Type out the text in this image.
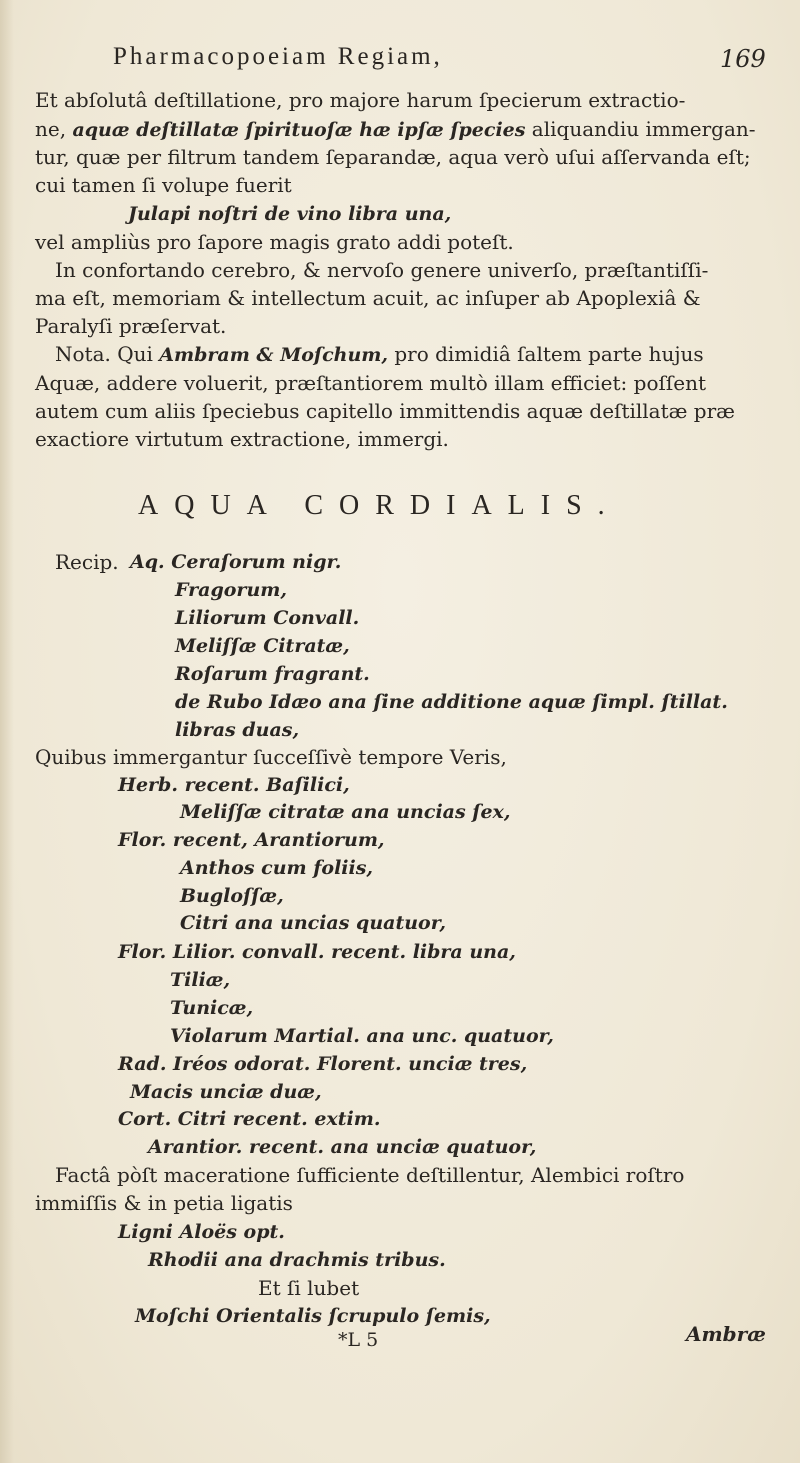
Pharmacopoeiam Regiam,	169
Et abſolutâ deſtillatione, pro majore harum ſpecierum extractio-
ne, aquæ deſtillatæ ſpirituoſæ hæ ipſæ ſpecies aliquandiu immergan-
tur, quæ per filtrum tandem ſeparandæ, aqua verò uſui aſſervanda eſt;
cui tamen ſi volupe fuerit
Julapi noſtri de vino libra una,
vel ampliùs pro ſapore magis grato addi poteſt.
In confortando cerebro, & nervoſo genere univerſo, præſtantiſſi-
ma eſt, memoriam & intellectum acuit, ac inſuper ab Apoplexiâ &
Paralyſi præſervat.
Nota. Qui Ambram & Moſchum, pro dimidiâ ſaltem parte hujus
Aquæ, addere voluerit, præſtantiorem multò illam efficiet: poſſent
autem cum aliis ſpeciebus capitello immittendis aquæ deſtillatæ præ
exactiore virtutum extractione, immergi.
AQUA CORDIALIS.
Recip. Aq. Ceraſorum nigr.
Fragorum,
Liliorum Convall.
Meliſſæ Citratæ,
Roſarum fragrant.
de Rubo Idæo ana ſine additione aquæ ſimpl. ſtillat.
libras duas,
Quibus immergantur ſucceſſivè tempore Veris,
Herb. recent. Baſilici,
Meliſſæ citratæ ana uncias ſex,
Flor. recent, Arantiorum,
Anthos cum foliis,
Bugloſſæ,
Citri ana uncias quatuor,
Flor. Lilior. convall. recent. libra una,
Tiliæ,
Tunicæ,
Violarum Martial. ana unc. quatuor,
Rad. Iréos odorat. Florent. unciæ tres,
Macis unciæ duæ,
Cort. Citri recent. extim.
Arantior. recent. ana unciæ quatuor,
Factâ pòſt maceratione ſufficiente deſtillentur, Alembici roſtro
immiſſis & in petia ligatis
Ligni Aloës opt.
Rhodii ana drachmis tribus.
Et ſi lubet
Moſchi Orientalis ſcrupulo ſemis,
*L 5	Ambræ
